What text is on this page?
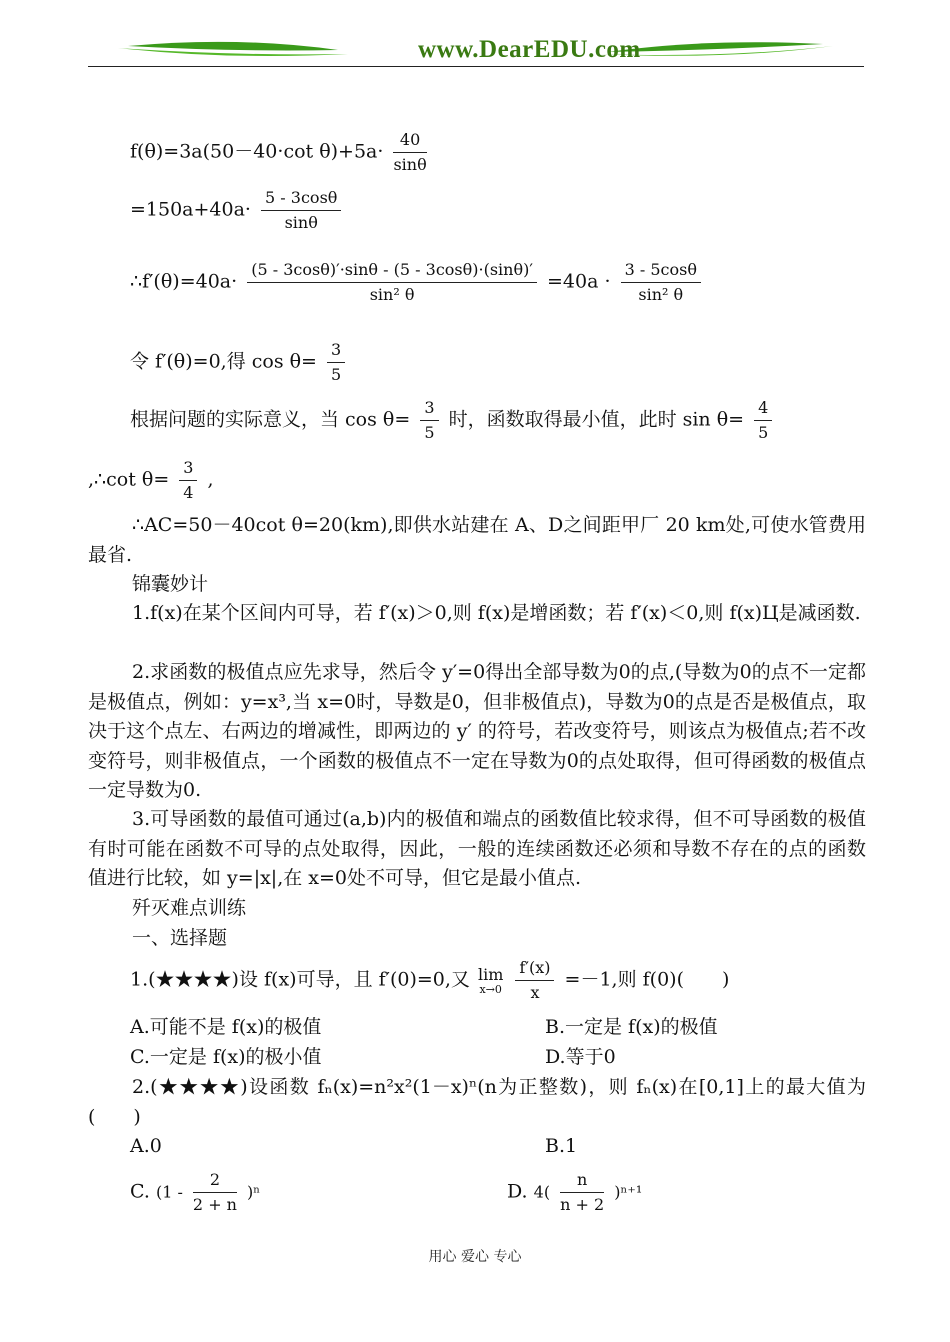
www.DearEDU.com
f(θ)=3a(50－40·cot $\theta)+5a\cdot \frac{40}{\sin\theta}$
$=150a+40a\cdot \frac{5 - 3\cos\theta}{\sin\theta}$
∴f′(θ)=40a· $\frac{(5 - 3\cos\theta)'\cdot\sin\theta - (5 - 3\cos\theta)\cdot(\sin\theta)'}{\text{sin² θ}} =40a \cdot \frac{3 - 5\cos\theta}{\text{sin² θ}}$
令 f′(θ)=0,得 $\cos \theta= \frac{3}{5}$
根据问题的实际意义，当 $\cos \theta= \frac{3}{5}$ 时，函数取得最小值，此时 $\sin \theta= \frac{4}{5}$
,∴cot $\theta= \frac{3}{4}$ ,
∴AC=50－40cot θ=20(km),即供水站建在 A、D之间距甲厂 20 km处,可使水管费用最省.
锦囊妙计
1.f(x)在某个区间内可导，若 f′(x)＞0,则 f(x)是增函数；若 f′(x)＜0,则 f(x)Ц是减函数.
2.求函数的极值点应先求导，然后令 y′=0得出全部导数为0的点,(导数为0的点不一定都是极值点，例如：y=x³,当 x=0时，导数是0，但非极值点)，导数为0的点是否是极值点，取决于这个点左、右两边的增减性，即两边的 y′ 的符号，若改变符号，则该点为极值点;若不改变符号，则非极值点，一个函数的极值点不一定在导数为0的点处取得，但可得函数的极值点一定导数为0.
3.可导函数的最值可通过(a,b)内的极值和端点的函数值比较求得，但不可导函数的极值有时可能在函数不可导的点处取得，因此，一般的连续函数还必须和导数不存在的点的函数值进行比较，如 y=|x|,在 x=0处不可导，但它是最小值点.
歼灭难点训练
一、选择题
1.(★★★★)设 f(x)可导，且 f′(0)=0,又 lim
x→0
$\frac{f'(x)}{x} =-1$,则 f(0)(　　)
A.可能不是 f(x)的极值	B.一定是 f(x)的极值
C.一定是 f(x)的极小值	D.等于0
2.(★★★★)设函数 fₙ(x)=n²x²(1－x)ⁿ(n为正整数)，则 fₙ(x)在[0,1]上的最大值为(　　)
A.0	B.1
C. $(1 - \frac{2}{2 + n} )^n$	D. $4( \frac{n}{n + 2} )^{n+1}$
用心 爱心 专心
